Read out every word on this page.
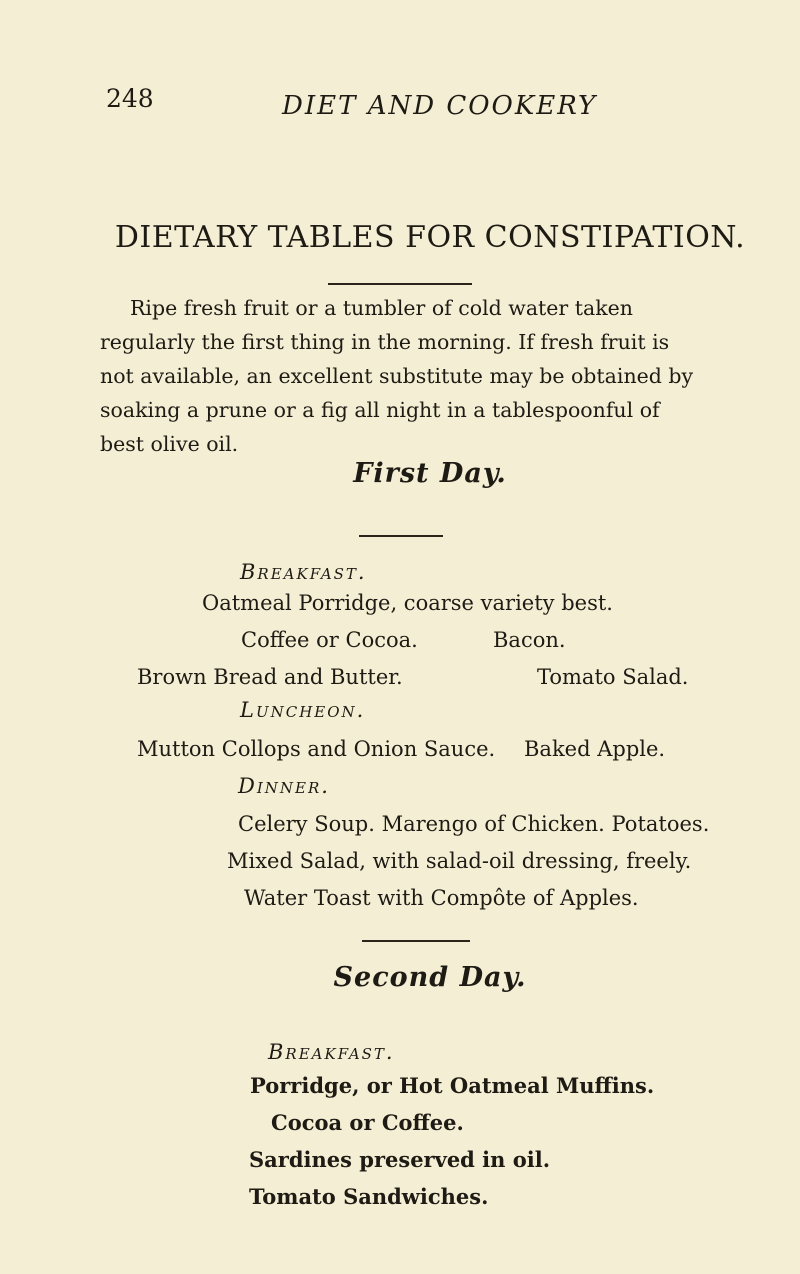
248	DIET AND COOKERY
DIETARY TABLES FOR CONSTIPATION.
Ripe fresh fruit or a tumbler of cold water taken
regularly the first thing in the morning. If fresh fruit is
not available, an excellent substitute may be obtained by
soaking a prune or a fig all night in a tablespoonful of
best olive oil.
First Day.
Breakfast.
Oatmeal Porridge, coarse variety best.
Coffee or Cocoa.	Bacon.
Brown Bread and Butter.	Tomato Salad.
Luncheon.
Mutton Collops and Onion Sauce. Baked Apple.
Dinner.
Celery Soup. Marengo of Chicken. Potatoes.
Mixed Salad, with salad-oil dressing, freely.
Water Toast with Compôte of Apples.
Second Day.
Breakfast.
Porridge, or Hot Oatmeal Muffins.
Cocoa or Coffee.
Sardines preserved in oil.
Tomato Sandwiches.
